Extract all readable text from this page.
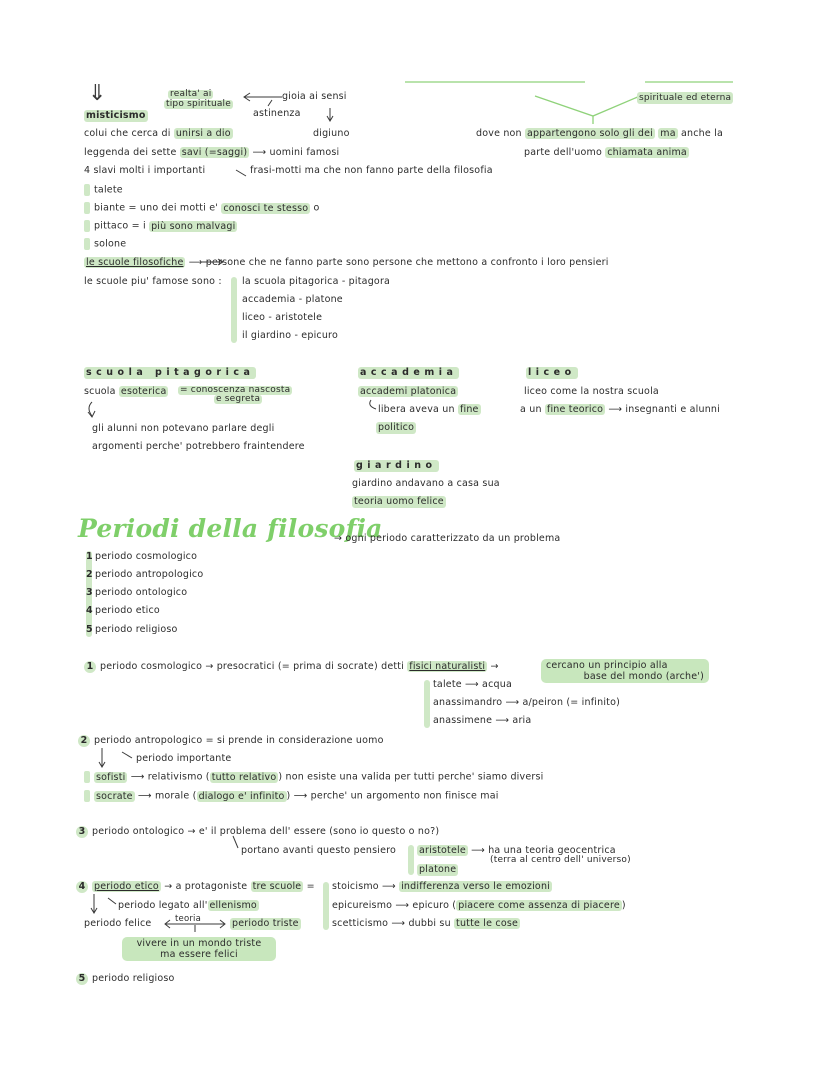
⇓
misticismo
realta' ai
tipo spirituale
gioia ai sensi
astinenza
digiuno
colui che cerca di unirsi a dio
spirituale ed eterna
dove non appartengono solo gli dei ma anche la
parte dell'uomo chiamata anima
leggenda dei sette savi (=saggi) ⟶ uomini famosi
4 slavi molti i importanti	frasi-motti ma che non fanno parte della filosofia
talete
biante = uno dei motti e' conosci te stesso o
pittaco = i più sono malvagi
solone
le scuole filosofiche ⟶ persone che ne fanno parte sono persone che mettono a confronto i loro pensieri
le scuole piu' famose sono : la scuola pitagorica - pitagora
accademia - platone
liceo - aristotele
il giardino - epicuro
scuola pitagorica
scuola esoterica = conoscenza nascosta
e segreta
gli alunni non potevano parlare degli
argomenti perche' potrebbero fraintendere
accademia
accademi platonica
libera aveva un fine
politico
liceo
liceo come la nostra scuola
a un fine teorico ⟶ insegnanti e alunni
giardino
giardino andavano a casa sua
teoria uomo felice
Periodi della filosofia
→ ogni periodo caratterizzato da un problema
1 periodo cosmologico
2 periodo antropologico
3 periodo ontologico
4 periodo etico
5 periodo religioso
1 periodo cosmologico → presocratici (= prima di socrate) detti fisici naturalisti →	cercano un principio alla
base del mondo (arche')
talete ⟶ acqua
anassimandro ⟶ a/peiron (= infinito)
anassimene ⟶ aria
2 periodo antropologico = si prende in considerazione uomo
periodo importante
sofisti ⟶ relativismo ( tutto relativo ) non esiste una valida per tutti perche' siamo diversi
socrate ⟶ morale ( dialogo e' infinito ) ⟶ perche' un argomento non finisce mai
3 periodo ontologico → e' il problema dell' essere (sono io questo o no?)
portano avanti questo pensiero aristotele ⟶ ha una teoria geocentrica
(terra al centro dell' universo)
platone
4 periodo etico → a protagoniste tre scuole =
periodo legato all' ellenismo
periodo felice	teoria	periodo triste
vivere in un mondo triste
ma essere felici
stoicismo ⟶ indifferenza verso le emozioni
epicureismo ⟶ epicuro ( piacere come assenza di piacere )
scetticismo ⟶ dubbi su tutte le cose
5 periodo religioso
